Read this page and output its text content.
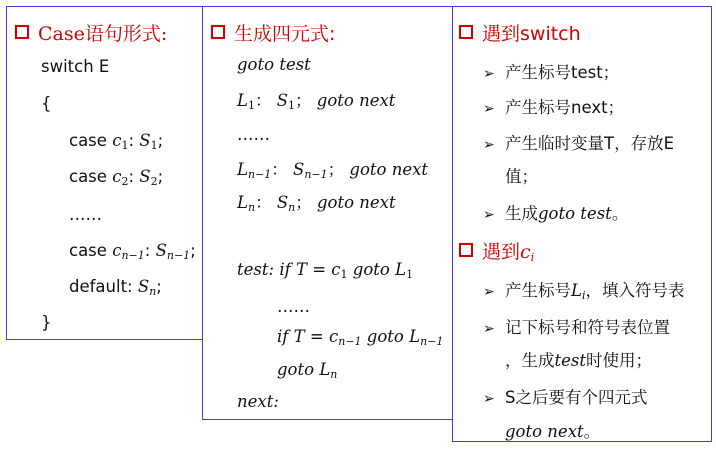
Case语句形式:
switch E
{
case $c_1$: $S_1$;
case $c_2$: $S_2$;
……
case $c_{n-1}$: $S_{n-1}$;
default: $S_n$;
}
生成四元式:
goto test
$L_1$： $S_1$； goto next
……
$L_{n-1}$： $S_{n-1}$； goto next
$L_n$： $S_n$； goto next
test: if $T = c_1$ goto $L_1$
……
if $T = c_{n-1}$ goto $L_{n-1}$
goto $L_n$
next:
遇到switch
➢ 产生标号test；
➢ 产生标号next；
➢ 产生临时变量T，存放E
值；
➢ 生成goto test。
遇到$c_i$
➢ 产生标号$L_i$，填入符号表
➢ 记下标号和符号表位置
，生成test时使用；
➢ S之后要有个四元式
goto next。
